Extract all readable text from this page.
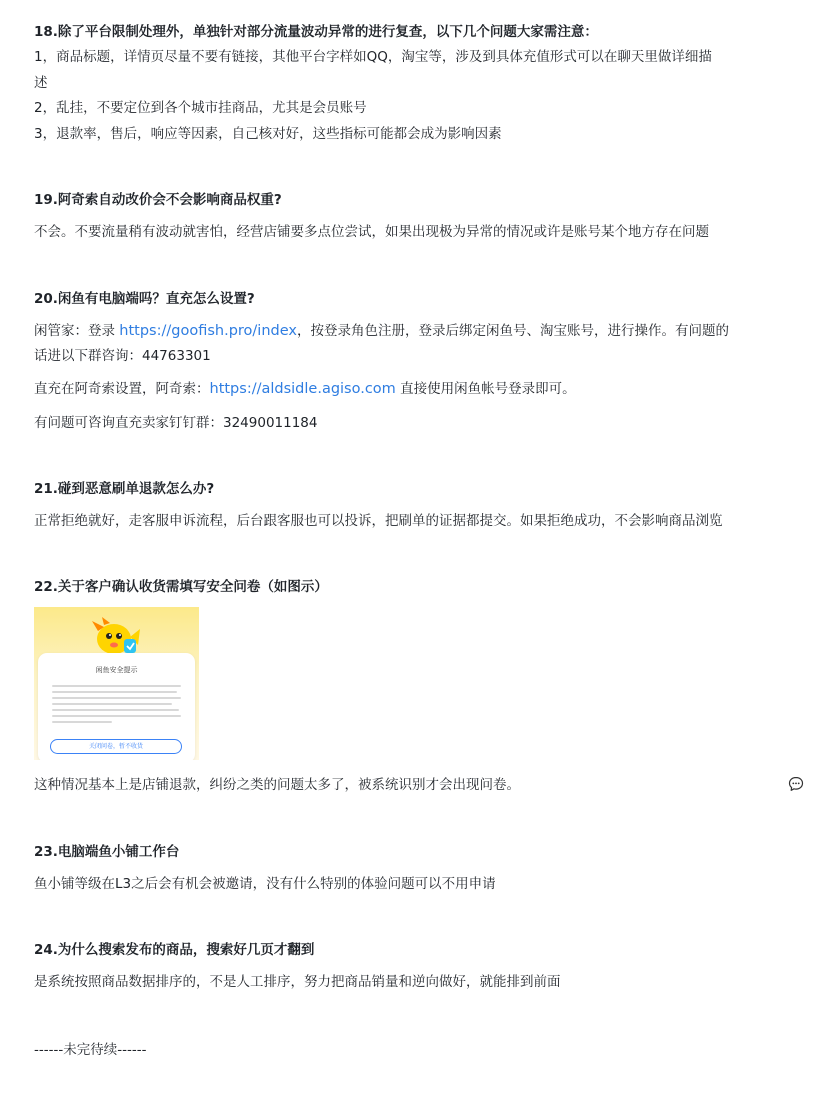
18.除了平台限制处理外，单独针对部分流量波动异常的进行复查，以下几个问题大家需注意：
1，商品标题，详情页尽量不要有链接，其他平台字样如QQ，淘宝等，涉及到具体充值形式可以在聊天里做详细描
述
2，乱挂，不要定位到各个城市挂商品，尤其是会员账号
3，退款率，售后，响应等因素，自己核对好，这些指标可能都会成为影响因素
19.阿奇索自动改价会不会影响商品权重?
不会。不要流量稍有波动就害怕，经营店铺要多点位尝试，如果出现极为异常的情况或许是账号某个地方存在问题
20.闲鱼有电脑端吗？直充怎么设置?
闲管家：登录 https://goofish.pro/index，按登录角色注册，登录后绑定闲鱼号、淘宝账号，进行操作。有问题的
话进以下群咨询：44763301
直充在阿奇索设置，阿奇索：https://aldsidle.agiso.com 直接使用闲鱼帐号登录即可。
有问题可咨询直充卖家钉钉群：32490011184
21.碰到恶意刷单退款怎么办?
正常拒绝就好，走客服申诉流程，后台跟客服也可以投诉，把刷单的证据都提交。如果拒绝成功，不会影响商品浏览
22.关于客户确认收货需填写安全问卷（如图示）
闲鱼安全提示
关闭问卷，暂不收货
这种情况基本上是店铺退款，纠纷之类的问题太多了，被系统识别才会出现问卷。
23.电脑端鱼小铺工作台
鱼小铺等级在L3之后会有机会被邀请，没有什么特别的体验问题可以不用申请
24.为什么搜索发布的商品，搜索好几页才翻到
是系统按照商品数据排序的，不是人工排序，努力把商品销量和逆向做好，就能排到前面
------未完待续------
